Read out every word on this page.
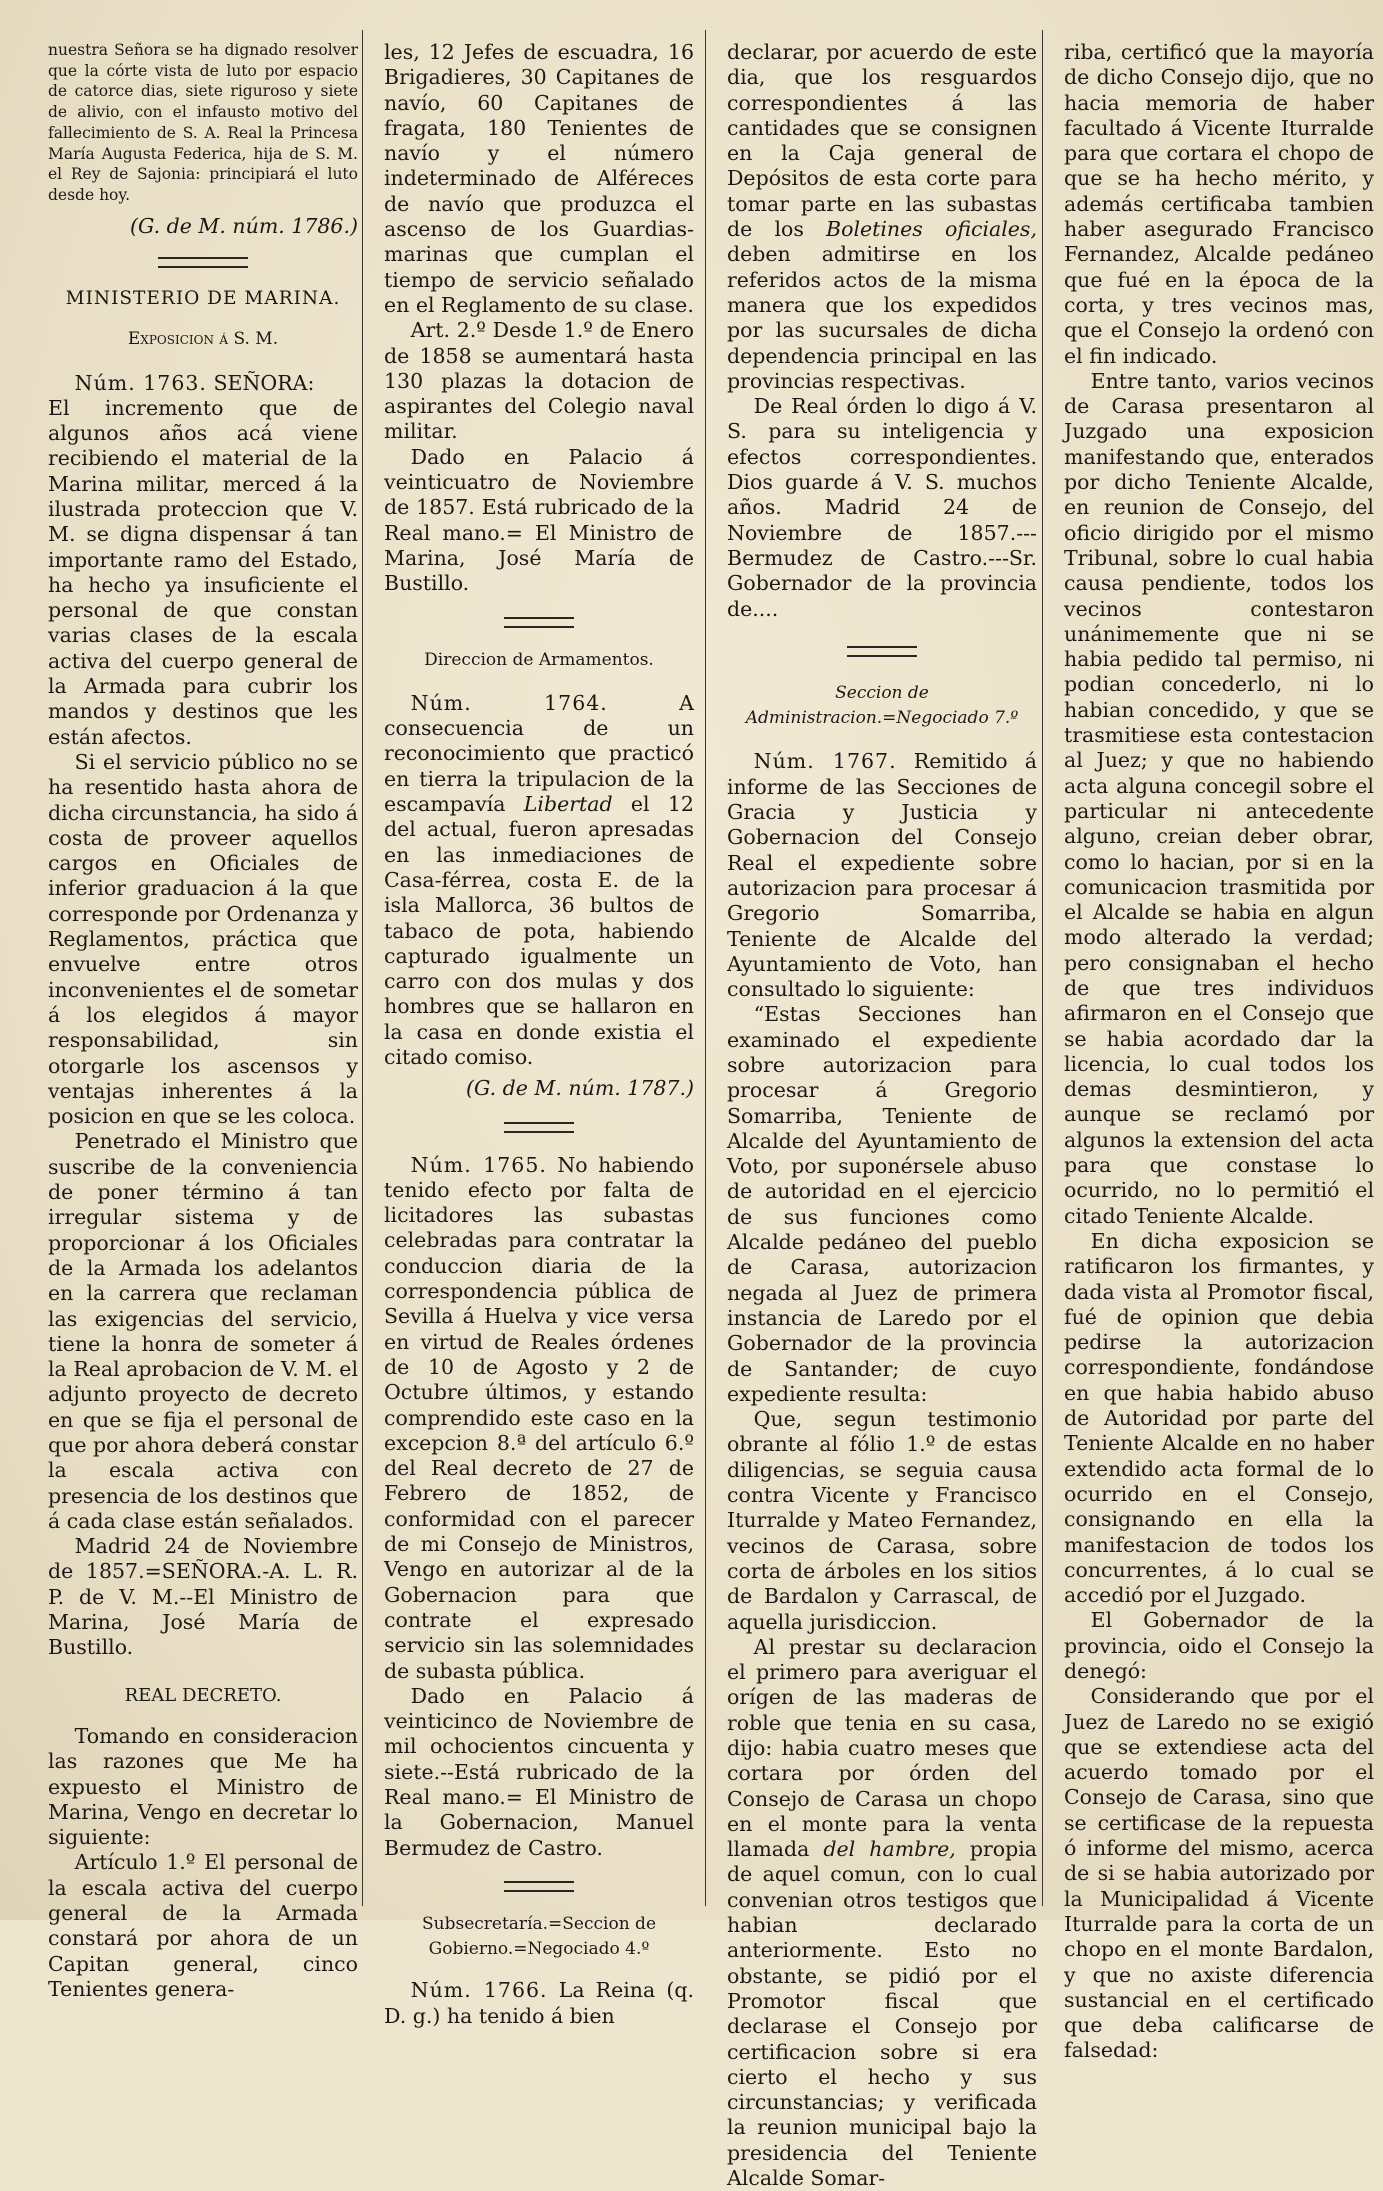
nuestra Señora se ha dignado resolver que la córte vista de luto por espacio de catorce dias, siete riguroso y siete de alivio, con el infausto motivo del fallecimiento de S. A. Real la Princesa María Augusta Federica, hija de S. M. el Rey de Sajonia: principiará el luto desde hoy.

(G. de M. núm. 1786.)

MINISTERIO DE MARINA.

Exposicion á S. M.

Núm. 1763. SEÑORA:

El incremento que de algunos años acá viene recibiendo el material de la Marina militar, merced á la ilustrada proteccion que V. M. se digna dispensar á tan importante ramo del Estado, ha hecho ya insuficiente el personal de que constan varias clases de la escala activa del cuerpo general de la Armada para cubrir los mandos y destinos que les están afectos.

Si el servicio público no se ha resentido hasta ahora de dicha circunstancia, ha sido á costa de proveer aquellos cargos en Oficiales de inferior graduacion á la que corresponde por Ordenanza y Reglamentos, práctica que envuelve entre otros inconvenientes el de sometar á los elegidos á mayor responsabilidad, sin otorgarle los ascensos y ventajas inherentes á la posicion en que se les coloca.

Penetrado el Ministro que suscribe de la conveniencia de poner término á tan irregular sistema y de proporcionar á los Oficiales de la Armada los adelantos en la carrera que reclaman las exigencias del servicio, tiene la honra de someter á la Real aprobacion de V. M. el adjunto proyecto de decreto en que se fija el personal de que por ahora deberá constar la escala activa con presencia de los destinos que á cada clase están señalados.

Madrid 24 de Noviembre de 1857.=SEÑORA.-A. L. R. P. de V. M.--El Ministro de Marina, José María de Bustillo.

REAL DECRETO.

Tomando en consideracion las razones que Me ha expuesto el Ministro de Marina, Vengo en decretar lo siguiente:

Artículo 1.º El personal de la escala activa del cuerpo general de la Armada constará por ahora de un Capitan general, cinco Tenientes genera-

les, 12 Jefes de escuadra, 16 Brigadieres, 30 Capitanes de navío, 60 Capitanes de fragata, 180 Tenientes de navío y el número indeterminado de Alféreces de navío que produzca el ascenso de los Guardias-marinas que cumplan el tiempo de servicio señalado en el Reglamento de su clase.

Art. 2.º Desde 1.º de Enero de 1858 se aumentará hasta 130 plazas la dotacion de aspirantes del Colegio naval militar.

Dado en Palacio á veinticuatro de Noviembre de 1857. Está rubricado de la Real mano.= El Ministro de Marina, José María de Bustillo.

Direccion de Armamentos.

Núm. 1764.	A consecuencia de un reconocimiento que practicó en tierra la tripulacion de la escampavía Libertad el 12 del actual, fueron apresadas en las inmediaciones de Casa-férrea, costa E. de la isla Mallorca, 36 bultos de tabaco de pota, habiendo capturado igualmente un carro con dos mulas y dos hombres que se hallaron en la casa en donde existia el citado comiso.

(G. de M. núm. 1787.)

Núm. 1765. No habiendo tenido efecto por falta de licitadores las subastas celebradas para contratar la conduccion diaria de la correspondencia pública de Sevilla á Huelva y vice versa en virtud de Reales órdenes de 10 de Agosto y 2 de Octubre últimos, y estando comprendido este caso en la excepcion 8.ª del artículo 6.º del Real decreto de 27 de Febrero de 1852, de conformidad con el parecer de mi Consejo de Ministros, Vengo en autorizar al de la Gobernacion para que contrate el expresado servicio sin las solemnidades de subasta pública.

Dado en Palacio á veinticinco de Noviembre de mil ochocientos cincuenta y siete.--Está rubricado de la Real mano.= El Ministro de la Gobernacion, Manuel Bermudez de Castro.

Subsecretaría.=Seccion de Gobierno.=Negociado 4.º

Núm. 1766. La Reina (q. D. g.) ha tenido á bien

declarar, por acuerdo de este dia, que los resguardos correspondientes á las cantidades que se consignen en la Caja general de Depósitos de esta corte para tomar parte en las subastas de los Boletines oficiales, deben admitirse en los referidos actos de la misma manera que los expedidos por las sucursales de dicha dependencia principal en las provincias respectivas.

De Real órden lo digo á V. S. para su inteligencia y efectos correspondientes. Dios guarde á V. S. muchos años. Madrid 24 de Noviembre de 1857.--- Bermudez de Castro.---Sr. Gobernador de la provincia de....

Seccion de Administracion.=Negociado 7.º

Núm. 1767. Remitido á informe de las Secciones de Gracia y Justicia y Gobernacion del Consejo Real el expediente sobre autorizacion para procesar á Gregorio Somarriba, Teniente de Alcalde del Ayuntamiento de Voto, han consultado lo siguiente:

“Estas Secciones han examinado el expediente sobre autorizacion para procesar á Gregorio Somarriba, Teniente de Alcalde del Ayuntamiento de Voto, por suponérsele abuso de autoridad en el ejercicio de sus funciones como Alcalde pedáneo del pueblo de Carasa, autorizacion negada al Juez de primera instancia de Laredo por el Gobernador de la provincia de Santander; de cuyo expediente resulta:

Que, segun testimonio obrante al fólio 1.º de estas diligencias, se seguia causa contra Vicente y Francisco Iturralde y Mateo Fernandez, vecinos de Carasa, sobre corta de árboles en los sitios de Bardalon y Carrascal, de aquella jurisdiccion.

Al prestar su declaracion el primero para averiguar el orígen de las maderas de roble que tenia en su casa, dijo: habia cuatro meses que cortara por órden del Consejo de Carasa un chopo en el monte para la venta llamada del hambre, propia de aquel comun, con lo cual convenian otros testigos que habian declarado anteriormente. Esto no obstante, se pidió por el Promotor fiscal que declarase el Consejo por certificacion sobre si era cierto el hecho y sus circunstancias; y verificada la reunion municipal bajo la presidencia del Teniente Alcalde Somar-

riba, certificó que la mayoría de dicho Consejo dijo, que no hacia memoria de haber facultado á Vicente Iturralde para que cortara el chopo de que se ha hecho mérito, y además certificaba tambien haber asegurado Francisco Fernandez, Alcalde pedáneo que fué en la época de la corta, y tres vecinos mas, que el Consejo la ordenó con el fin indicado.

Entre tanto, varios vecinos de Carasa presentaron al Juzgado una exposicion manifestando que, enterados por dicho Teniente Alcalde, en reunion de Consejo, del oficio dirigido por el mismo Tribunal, sobre lo cual habia causa pendiente, todos los vecinos contestaron unánimemente que ni se habia pedido tal permiso, ni podian concederlo, ni lo habian concedido, y que se trasmitiese esta contestacion al Juez; y que no habiendo acta alguna concegil sobre el particular ni antecedente alguno, creian deber obrar, como lo hacian, por si en la comunicacion trasmitida por el Alcalde se habia en algun modo alterado la verdad; pero consignaban el hecho de que tres individuos afirmaron en el Consejo que se habia acordado dar la licencia, lo cual todos los demas desmintieron, y aunque se reclamó por algunos la extension del acta para que constase lo ocurrido, no lo permitió el citado Teniente Alcalde.

En dicha exposicion se ratificaron los firmantes, y dada vista al Promotor fiscal, fué de opinion que debia pedirse la autorizacion correspondiente, fondándose en que habia habido abuso de Autoridad por parte del Teniente Alcalde en no haber extendido acta formal de lo ocurrido en el Consejo, consignando en ella la manifestacion de todos los concurrentes, á lo cual se accedió por el Juzgado.

El Gobernador de la provincia, oido el Consejo la denegó:

Considerando que por el Juez de Laredo no se exigió que se extendiese acta del acuerdo tomado por el Consejo de Carasa, sino que se certificase de la repuesta ó informe del mismo, acerca de si se habia autorizado por la Municipalidad á Vicente Iturralde para la corta de un chopo en el monte Bardalon, y que no axiste diferencia sustancial en el certificado que deba calificarse de falsedad:
